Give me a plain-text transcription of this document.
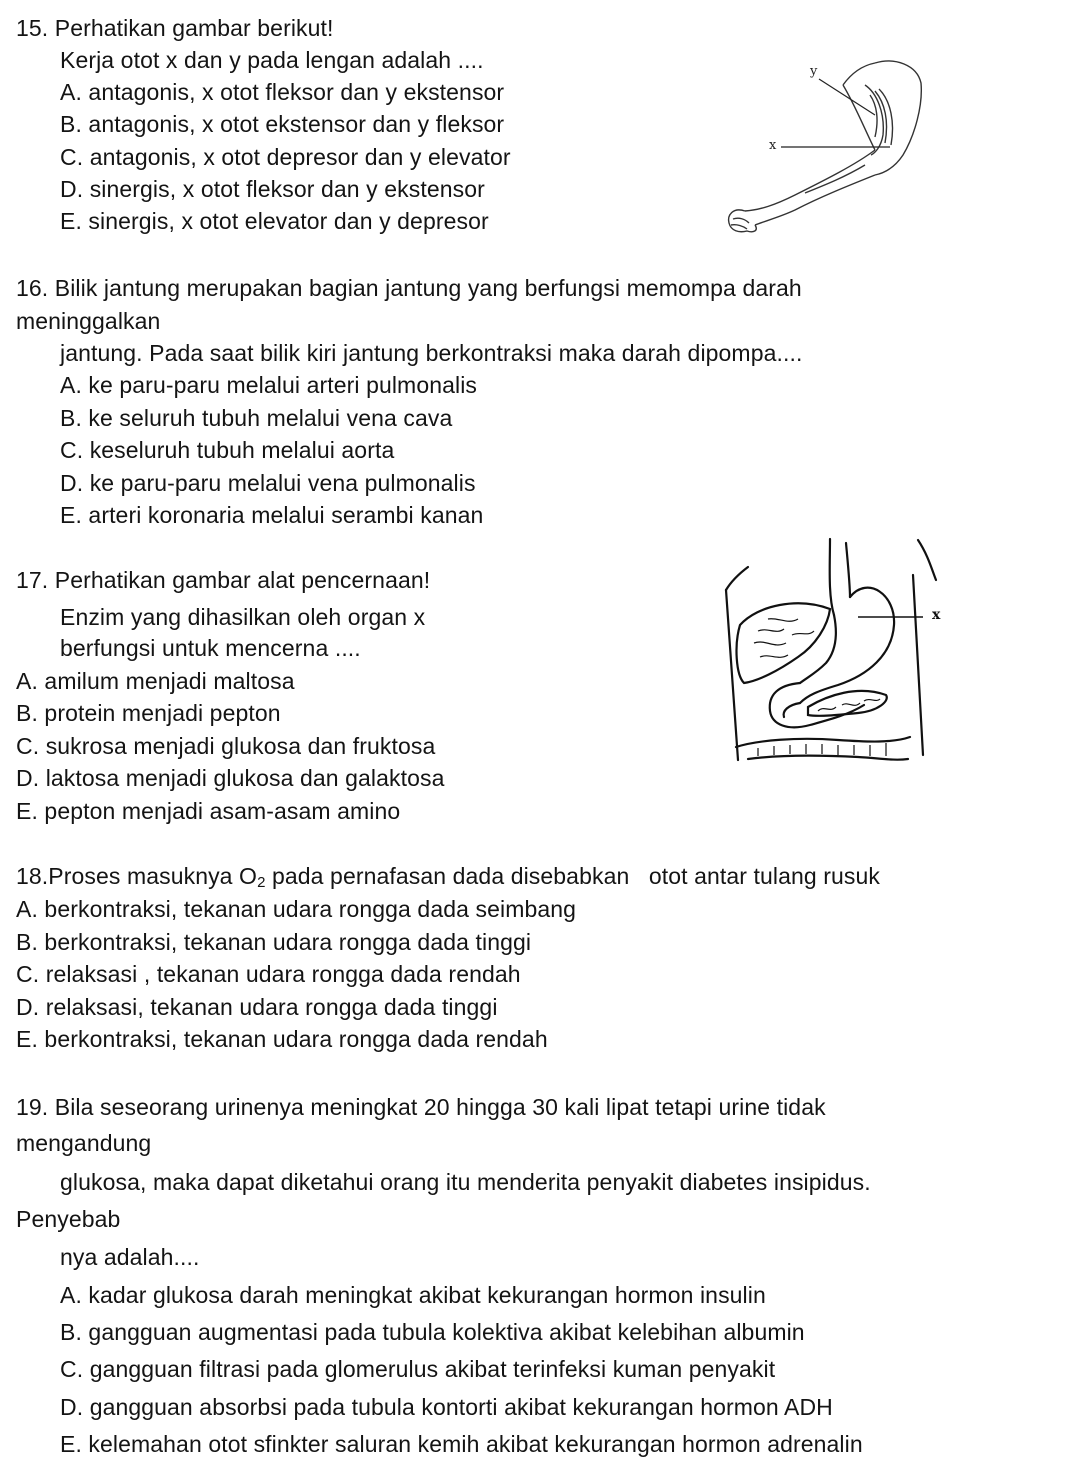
15. Perhatikan gambar berikut!
Kerja otot x dan y pada lengan adalah ....
A. antagonis, x otot fleksor dan y ekstensor
B. antagonis, x otot ekstensor dan y fleksor
C. antagonis, x otot depresor dan y elevator
D. sinergis, x otot fleksor dan y ekstensor
E. sinergis, x otot elevator dan y depresor
y
x
16. Bilik jantung merupakan bagian jantung yang berfungsi memompa darah
meninggalkan
jantung. Pada saat bilik kiri jantung berkontraksi maka darah dipompa....
A. ke paru-paru melalui arteri pulmonalis
B. ke seluruh tubuh melalui vena cava
C. keseluruh tubuh melalui aorta
D. ke paru-paru melalui vena pulmonalis
E. arteri koronaria melalui serambi kanan
17. Perhatikan gambar alat pencernaan!
Enzim yang dihasilkan oleh organ x
berfungsi untuk mencerna ....
A. amilum menjadi maltosa
B. protein menjadi pepton
C. sukrosa menjadi glukosa dan fruktosa
D. laktosa menjadi glukosa dan galaktosa
E. pepton menjadi asam-asam amino
x
18.Proses masuknya $O_2$ pada pernafasan dada disebabkan   otot antar tulang rusuk
A. berkontraksi, tekanan udara rongga dada seimbang
B. berkontraksi, tekanan udara rongga dada tinggi
C. relaksasi , tekanan udara rongga dada rendah
D. relaksasi, tekanan udara rongga dada tinggi
E. berkontraksi, tekanan udara rongga dada rendah
19. Bila seseorang urinenya meningkat 20 hingga 30 kali lipat tetapi urine tidak
mengandung
glukosa, maka dapat diketahui orang itu menderita penyakit diabetes insipidus.
Penyebab
nya adalah....
A. kadar glukosa darah meningkat akibat kekurangan hormon insulin
B. gangguan augmentasi pada tubula kolektiva akibat kelebihan albumin
C. gangguan filtrasi pada glomerulus akibat terinfeksi kuman penyakit
D. gangguan absorbsi pada tubula kontorti akibat kekurangan hormon ADH
E. kelemahan otot sfinkter saluran kemih akibat kekurangan hormon adrenalin
